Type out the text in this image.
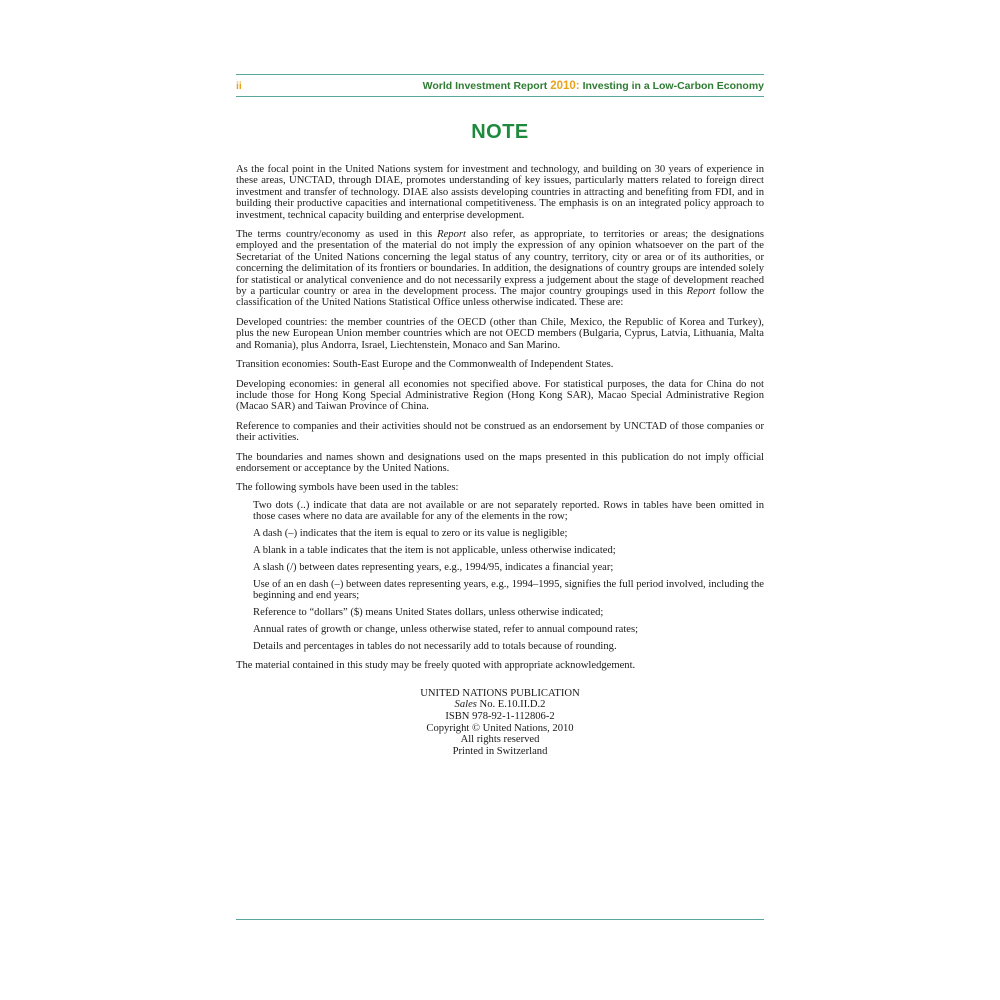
ii	World Investment Report 2010: Investing in a Low-Carbon Economy
NOTE

As the focal point in the United Nations system for investment and technology, and building on 30 years of experience in these areas, UNCTAD, through DIAE, promotes understanding of key issues, particularly matters related to foreign direct investment and transfer of technology. DIAE also assists developing countries in attracting and benefiting from FDI, and in building their productive capacities and international competitiveness. The emphasis is on an integrated policy approach to investment, technical capacity building and enterprise development.

The terms country/economy as used in this Report also refer, as appropriate, to territories or areas; the designations employed and the presentation of the material do not imply the expression of any opinion whatsoever on the part of the Secretariat of the United Nations concerning the legal status of any country, territory, city or area or of its authorities, or concerning the delimitation of its frontiers or boundaries. In addition, the designations of country groups are intended solely for statistical or analytical convenience and do not necessarily express a judgement about the stage of development reached by a particular country or area in the development process. The major country groupings used in this Report follow the classification of the United Nations Statistical Office unless otherwise indicated. These are:

Developed countries: the member countries of the OECD (other than Chile, Mexico, the Republic of Korea and Turkey), plus the new European Union member countries which are not OECD members (Bulgaria, Cyprus, Latvia, Lithuania, Malta and Romania), plus Andorra, Israel, Liechtenstein, Monaco and San Marino.

Transition economies: South-East Europe and the Commonwealth of Independent States.

Developing economies: in general all economies not specified above. For statistical purposes, the data for China do not include those for Hong Kong Special Administrative Region (Hong Kong SAR), Macao Special Administrative Region (Macao SAR) and Taiwan Province of China.

Reference to companies and their activities should not be construed as an endorsement by UNCTAD of those companies or their activities.

The boundaries and names shown and designations used on the maps presented in this publication do not imply official endorsement or acceptance by the United Nations.

The following symbols have been used in the tables:

Two dots (..) indicate that data are not available or are not separately reported. Rows in tables have been omitted in those cases where no data are available for any of the elements in the row;
A dash (–) indicates that the item is equal to zero or its value is negligible;
A blank in a table indicates that the item is not applicable, unless otherwise indicated;
A slash (/) between dates representing years, e.g., 1994/95, indicates a financial year;
Use of an en dash (–) between dates representing years, e.g., 1994–1995, signifies the full period involved, including the beginning and end years;
Reference to “dollars” ($) means United States dollars, unless otherwise indicated;
Annual rates of growth or change, unless otherwise stated, refer to annual compound rates;
Details and percentages in tables do not necessarily add to totals because of rounding.

The material contained in this study may be freely quoted with appropriate acknowledgement.

UNITED NATIONS PUBLICATION
Sales No. E.10.II.D.2
ISBN 978-92-1-112806-2
Copyright © United Nations, 2010
All rights reserved
Printed in Switzerland
